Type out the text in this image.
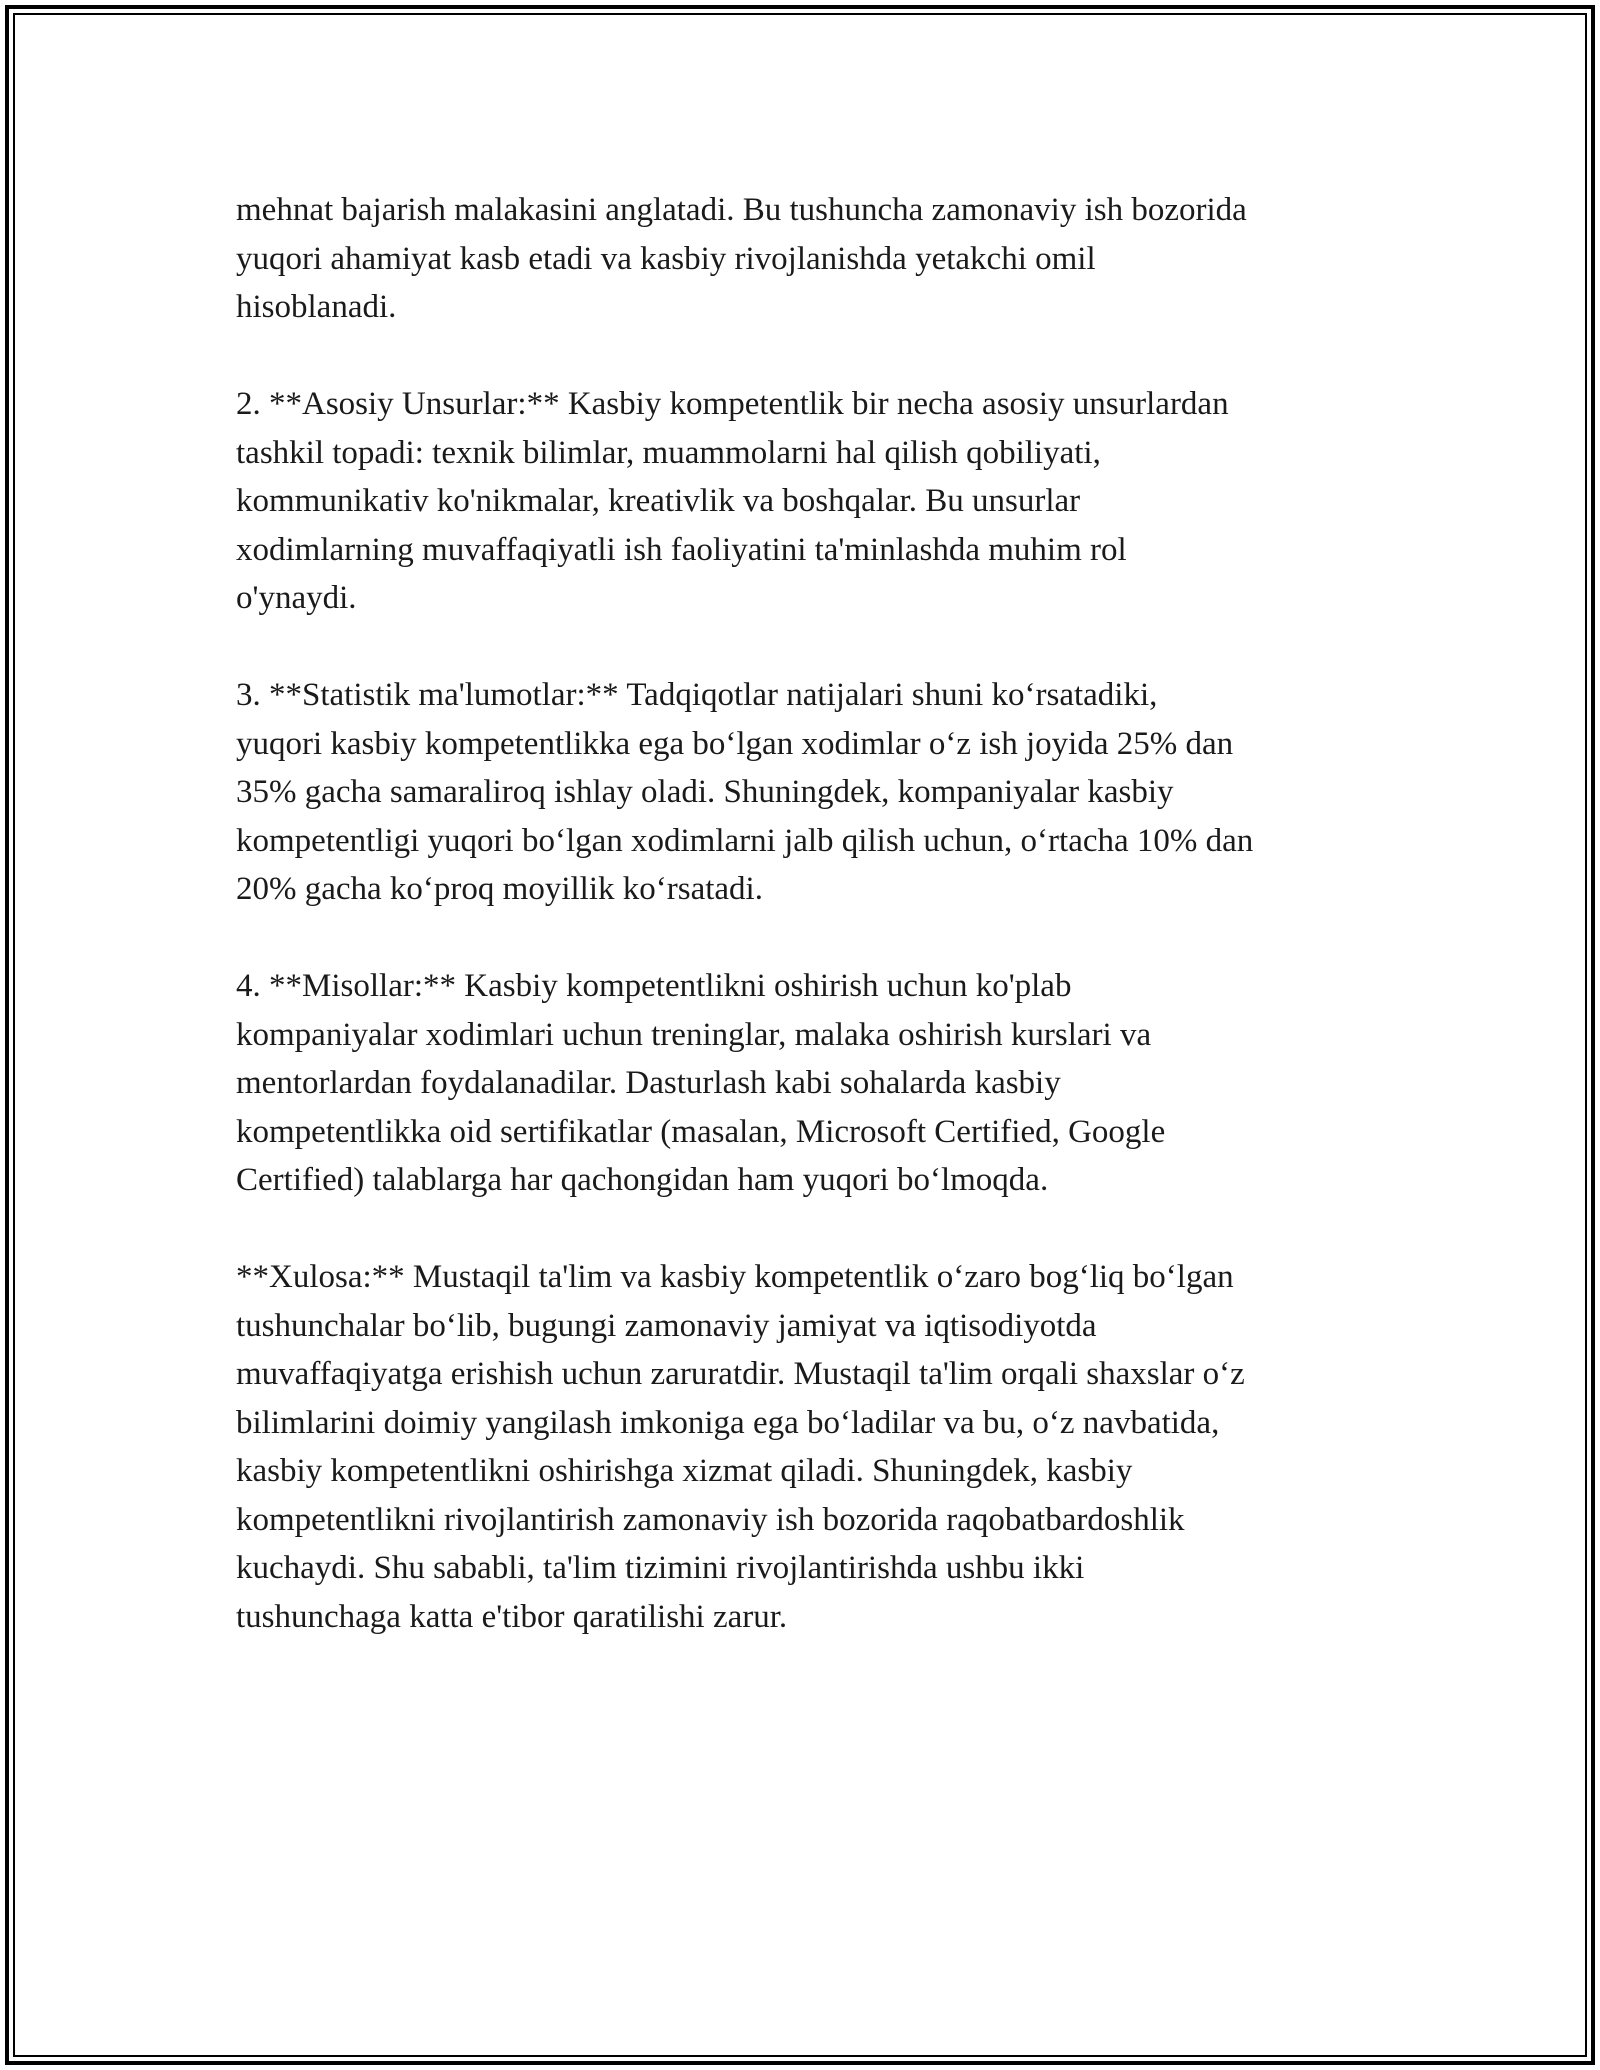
mehnat bajarish malakasini anglatadi. Bu tushuncha zamonaviy ish bozorida
yuqori ahamiyat kasb etadi va kasbiy rivojlanishda yetakchi omil
hisoblanadi.

2. **Asosiy Unsurlar:** Kasbiy kompetentlik bir necha asosiy unsurlardan
tashkil topadi: texnik bilimlar, muammolarni hal qilish qobiliyati,
kommunikativ ko'nikmalar, kreativlik va boshqalar. Bu unsurlar
xodimlarning muvaffaqiyatli ish faoliyatini ta'minlashda muhim rol
o'ynaydi.

3. **Statistik ma'lumotlar:** Tadqiqotlar natijalari shuni ko‘rsatadiki,
yuqori kasbiy kompetentlikka ega bo‘lgan xodimlar o‘z ish joyida 25% dan
35% gacha samaraliroq ishlay oladi. Shuningdek, kompaniyalar kasbiy
kompetentligi yuqori bo‘lgan xodimlarni jalb qilish uchun, o‘rtacha 10% dan
20% gacha ko‘proq moyillik ko‘rsatadi.

4. **Misollar:** Kasbiy kompetentlikni oshirish uchun ko'plab
kompaniyalar xodimlari uchun treninglar, malaka oshirish kurslari va
mentorlardan foydalanadilar. Dasturlash kabi sohalarda kasbiy
kompetentlikka oid sertifikatlar (masalan, Microsoft Certified, Google
Certified) talablarga har qachongidan ham yuqori bo‘lmoqda.

**Xulosa:** Mustaqil ta'lim va kasbiy kompetentlik o‘zaro bog‘liq bo‘lgan
tushunchalar bo‘lib, bugungi zamonaviy jamiyat va iqtisodiyotda
muvaffaqiyatga erishish uchun zaruratdir. Mustaqil ta'lim orqali shaxslar o‘z
bilimlarini doimiy yangilash imkoniga ega bo‘ladilar va bu, o‘z navbatida,
kasbiy kompetentlikni oshirishga xizmat qiladi. Shuningdek, kasbiy
kompetentlikni rivojlantirish zamonaviy ish bozorida raqobatbardoshlik
kuchaydi. Shu sababli, ta'lim tizimini rivojlantirishda ushbu ikki
tushunchaga katta e'tibor qaratilishi zarur.
